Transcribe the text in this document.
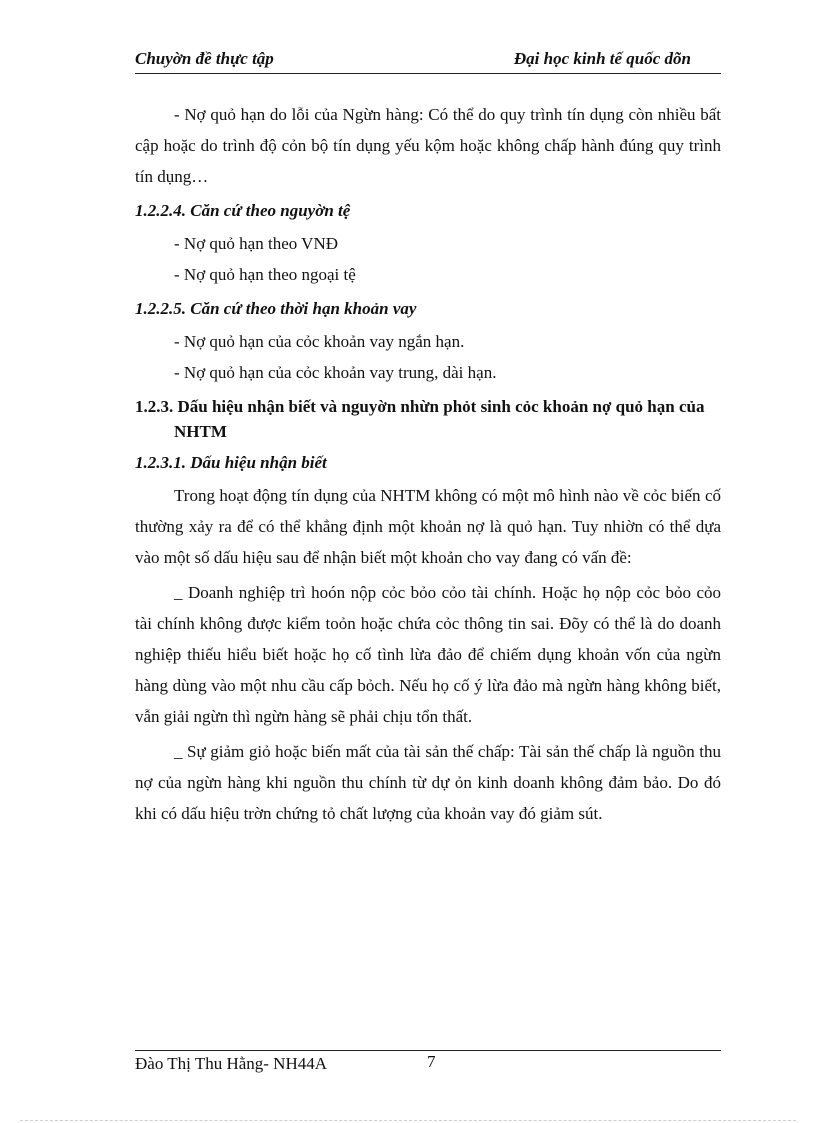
Chuyờn đề thực tập	Đại học kinh tế quốc dõn

- Nợ quỏ hạn do lỗi của Ngừn hàng: Có thể do quy trình tín dụng còn nhiều bất cập hoặc do trình độ cỏn bộ tín dụng yếu kộm hoặc không chấp hành đúng quy trình tín dụng…

1.2.2.4. Căn cứ theo nguyờn tệ

- Nợ quỏ hạn theo VNĐ

- Nợ quỏ hạn theo ngoại tệ

1.2.2.5. Căn cứ theo thời hạn khoản vay

- Nợ quỏ hạn của cỏc khoản vay ngắn hạn.

- Nợ quỏ hạn của cỏc khoản vay trung, dài hạn.

1.2.3. Dấu hiệu nhận biết và nguyờn nhừn phỏt sinh cỏc khoản nợ quỏ hạn của NHTM

1.2.3.1. Dấu hiệu nhận biết

Trong hoạt động tín dụng của NHTM không có một mô hình nào về cỏc biến cố thường xảy ra để có thể khẳng định một khoản nợ là quỏ hạn. Tuy nhiờn có thể dựa vào một số dấu hiệu sau để nhận biết một khoản cho vay đang có vấn đề:

_ Doanh nghiệp trì hoón nộp cỏc bỏo cỏo tài chính. Hoặc họ nộp cỏc bỏo cỏo tài chính không được kiểm toỏn hoặc chứa cỏc thông tin sai. Đõy có thể là do doanh nghiệp thiếu hiểu biết hoặc họ cố tình lừa đảo để chiếm dụng khoản vốn của ngừn hàng dùng vào một nhu cầu cấp bỏch. Nếu họ cố ý lừa đảo mà ngừn hàng không biết, vẫn giải ngừn thì ngừn hàng sẽ phải chịu tổn thất.

_ Sự giảm giỏ hoặc biến mất của tài sản thế chấp: Tài sản thế chấp là nguồn thu nợ của ngừn hàng khi nguồn thu chính từ dự ỏn kinh doanh không đảm bảo. Do đó khi có dấu hiệu trờn chứng tỏ chất lượng của khoản vay đó giảm sút.

Đào Thị Thu Hằng- NH44A	7
